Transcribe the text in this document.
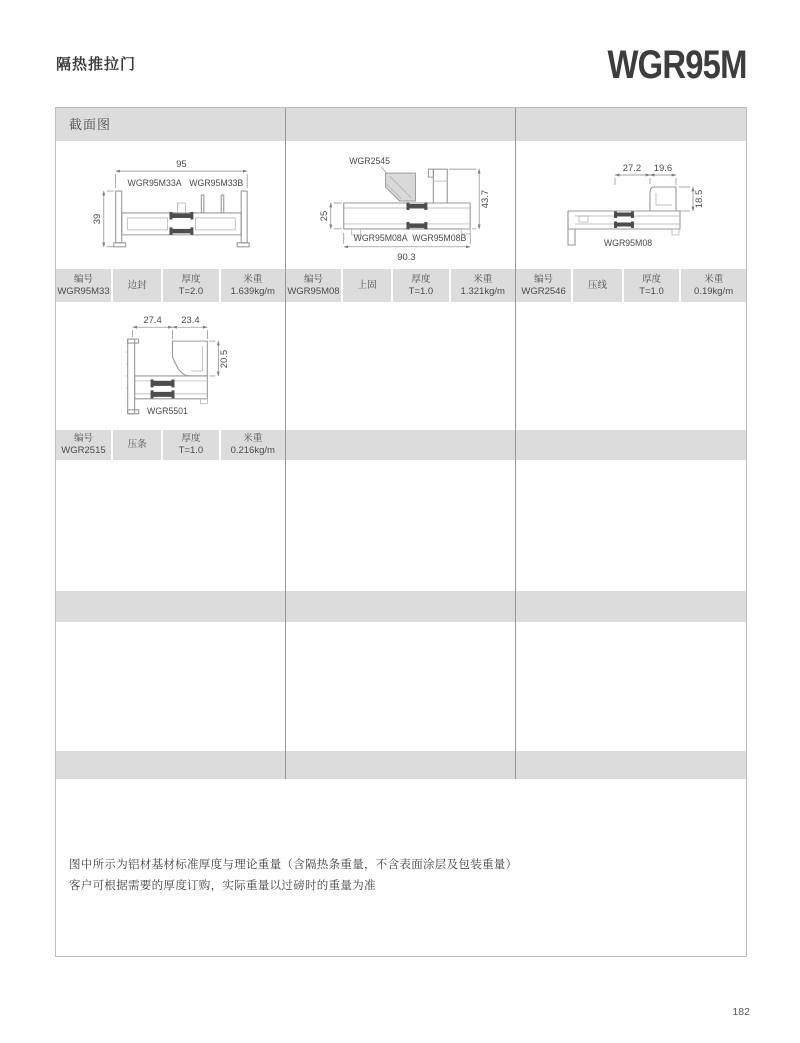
隔热推拉门	WGR95M
截面图
95
WGR95M33A WGR95M33B
39
WGR2545
25
43.7
WGR95M08A WGR95M08B
90.3
27.2 19.6
18.5
WGR95M08
编号
WGR95M33
边封
厚度
T=2.0
米重
1.639kg/m
编号
WGR95M08
上固
厚度
T=1.0
米重
1.321kg/m
编号
WGR2546
压线
厚度
T=1.0
米重
0.19kg/m
27.4 23.4
20.5
WGR5501
编号
WGR2515
压条
厚度
T=1.0
米重
0.216kg/m
图中所示为铝材基材标准厚度与理论重量（含隔热条重量，不含表面涂层及包装重量）
客户可根据需要的厚度订购，实际重量以过磅时的重量为准
182
